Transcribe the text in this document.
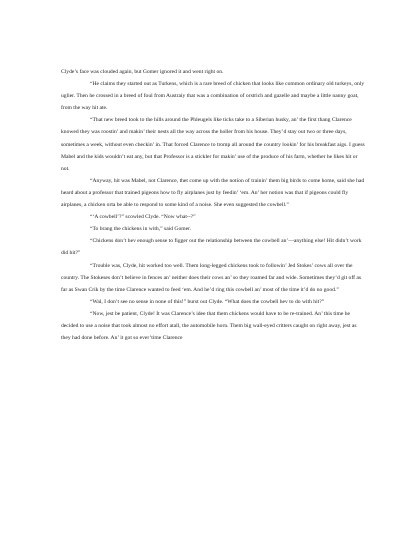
Clyde’s face was clouded again, but Gomer ignored it and went right on.

“He claims they started out as Turkens, which is a rare breed of chicken that looks like common ordinary old turkeys, only uglier. Then he crossed in a breed of foul from Austraiy that was a combination of orstrich and gazelle and maybe a little nanny goat, from the way hit ate.

“That new breed took to the hills around the Phleugels like ticks take to a Siberian husky, an’ the first thang Clarence knowed they was roostin’ and makin’ their nests all the way across the holler from his house. They’d stay out two or three days, sometimes a week, without even checkin’ in. That forced Clarence to tromp all around the country lookin’ for his breakfast aigs. I guess Mabel and the kids wouldn’t eat any, but that Professor is a stickler for makin’ use of the produce of his farm, whether he likes hit or not.

“Anyway, hit was Mabel, not Clarence, thet come up with the notion of trainin’ them big birds to come home, said she had heard about a professor that trained pigeons how to fly airplanes just by feedin’ ‘em. An’ her notion was that if pigeons could fly airplanes, a chicken orta be able to respond to some kind of a noise. She even suggested the cowbell.”

“‘A cowbell’?” scowled Clyde. “Now what--?”

“To brang the chickens in with,” said Gomer.

“Chickens don’t hev enough sense to figger out the relationship between the cowbell an’—anything else! Hit didn’t work did hit?”

“Trouble was, Clyde, hit worked too well. Them long-legged chickens took to followin’ Jed Stokes’ cows all over the country. The Stokeses don’t believe in fences an’ neither does their cows an’ so they roamed far and wide. Sometimes they’d git off as far as Swan Crik by the time Clarence wanted to feed ‘em. And he’d ring this cowbell an’ most of the time it’d do no good.”

“Wal, I don’t see no sense in none of this!” burst out Clyde. “What does the cowbell hev to do with hit?”

“Now, jest be patient, Clyde! It was Clarence’s idee that them chickens would have to be re-trained. An’ this time he decided to use a noise that took almost no effort atall, the automobile horn. Them big wall-eyed critters caught on right away, jest as they had done before. An’ it got so ever’time Clarence
